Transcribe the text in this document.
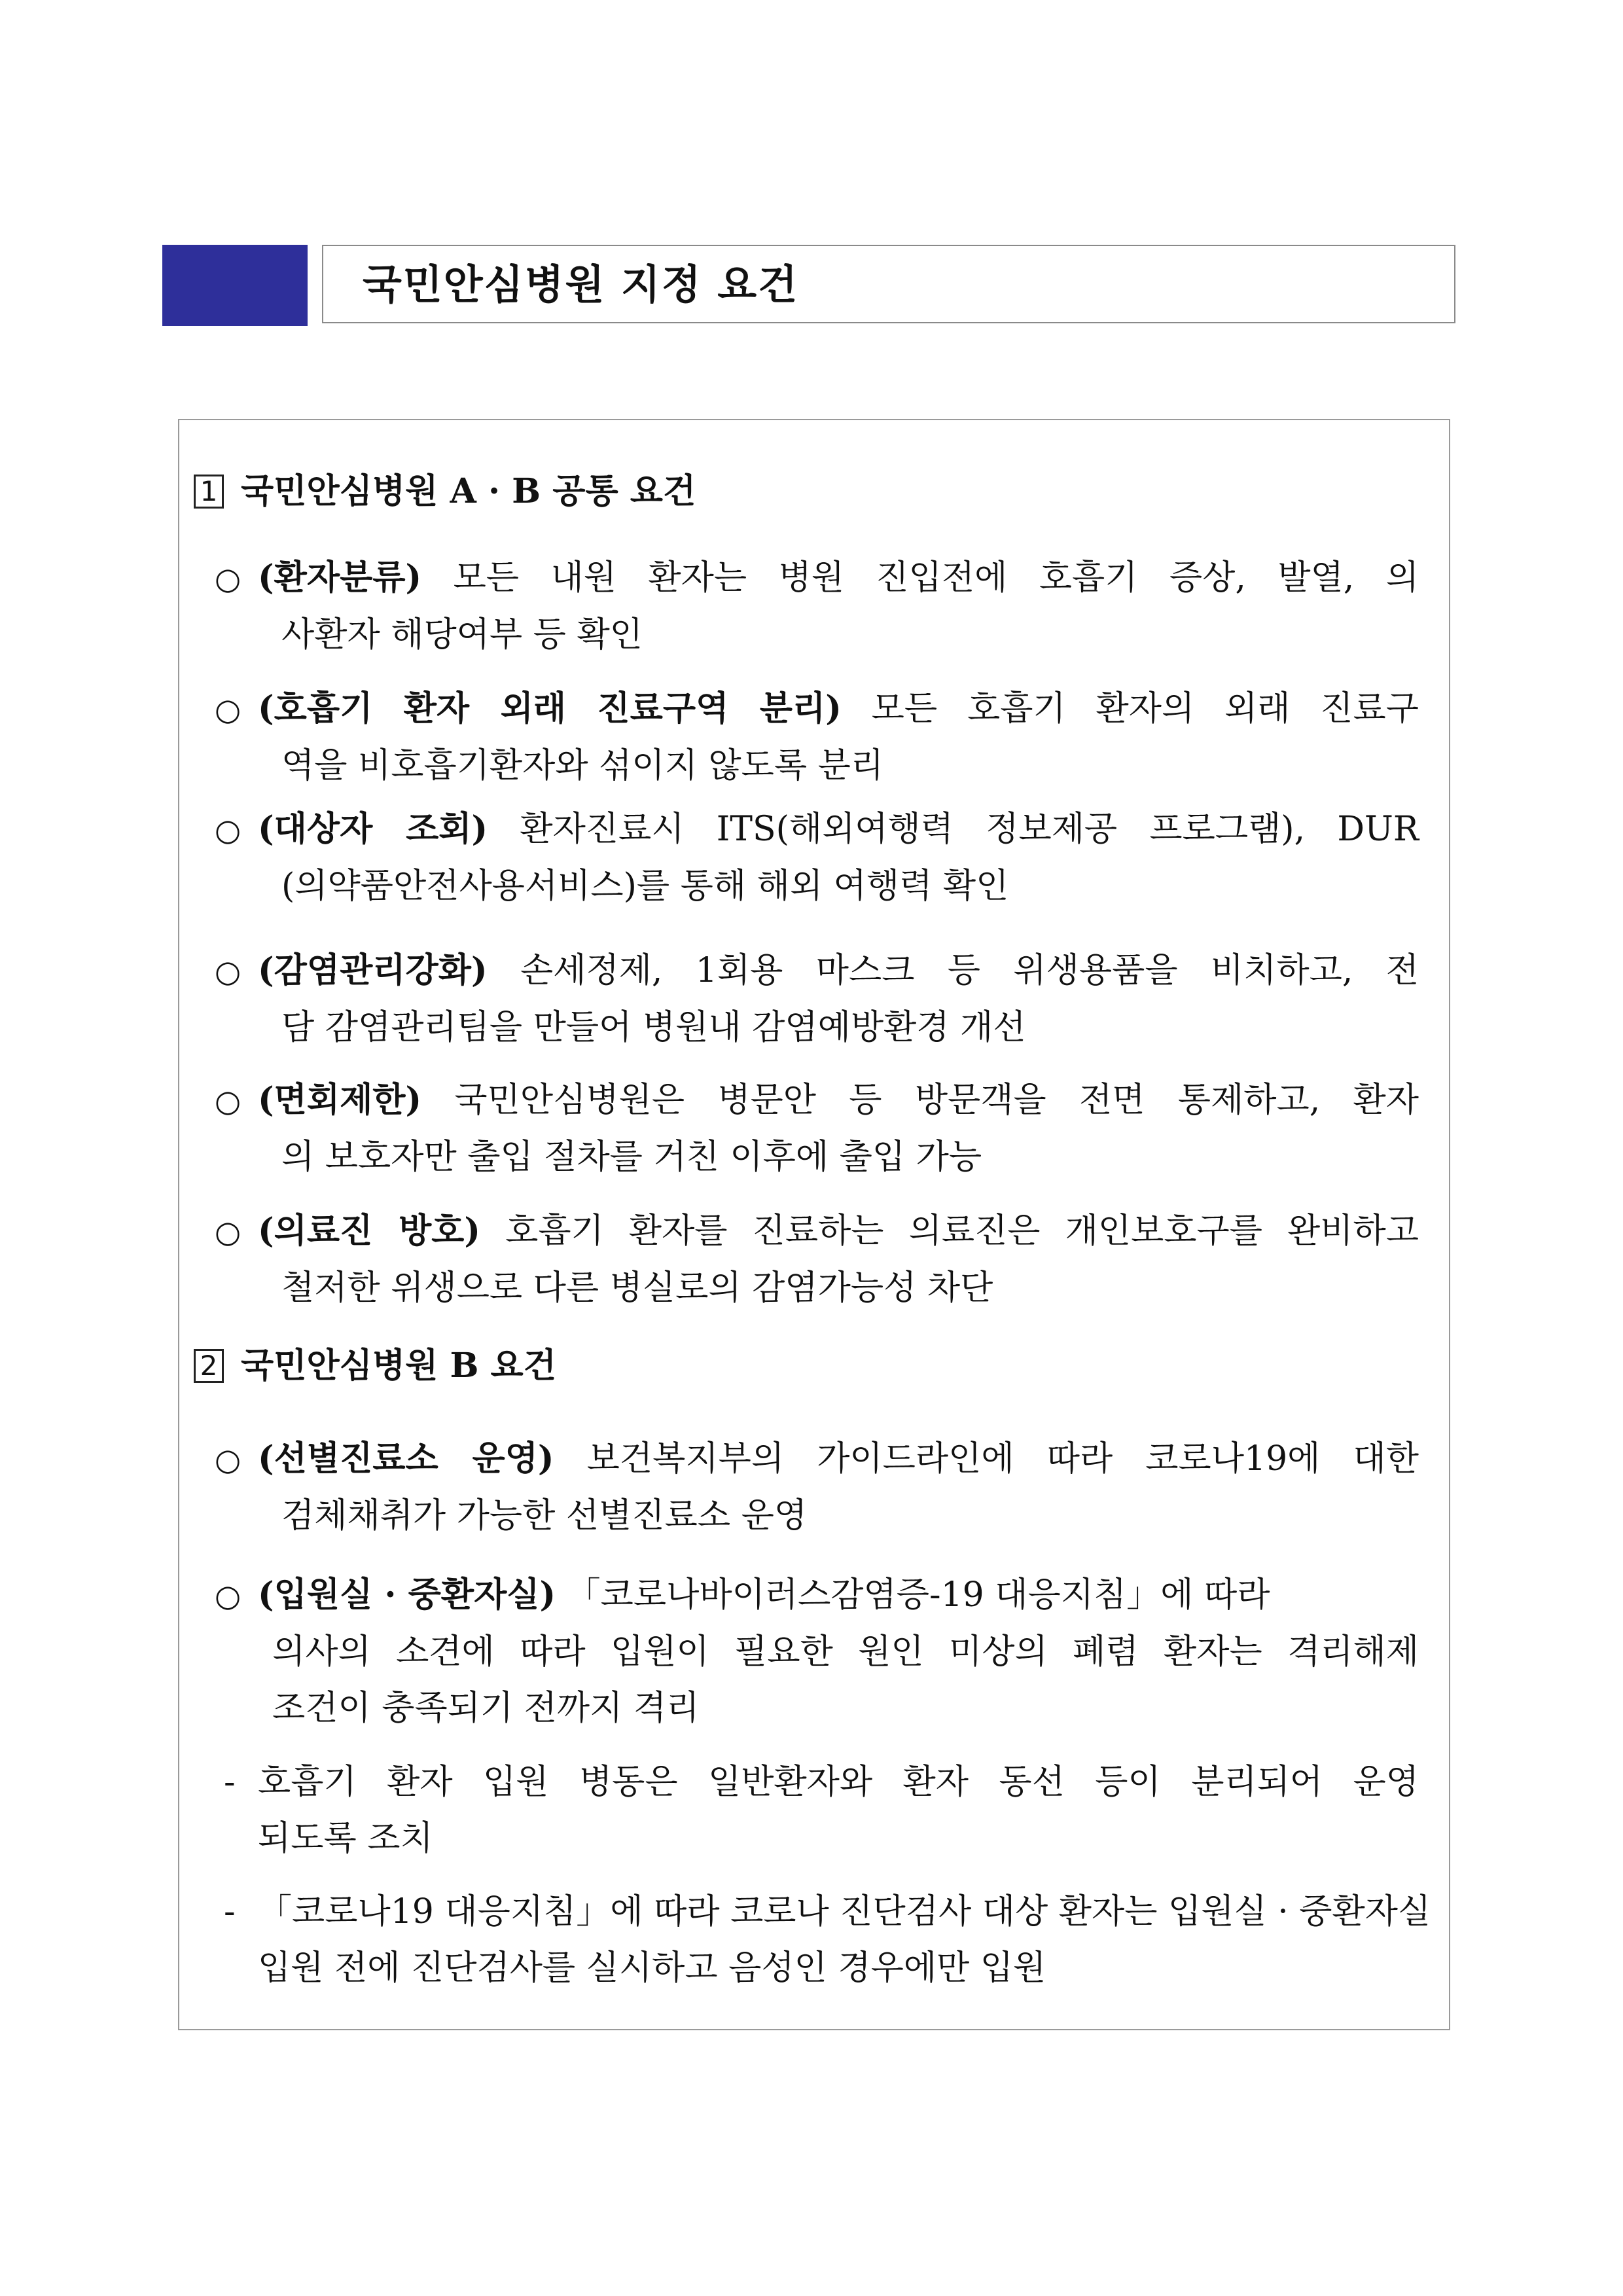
국민안심병원 지정 요건
1 국민안심병원 A · B 공통 요건
○ (환자분류) 모든 내원 환자는 병원 진입전에 호흡기 증상, 발열, 의
사환자 해당여부 등 확인
○ (호흡기 환자 외래 진료구역 분리) 모든 호흡기 환자의 외래 진료구
역을 비호흡기환자와 섞이지 않도록 분리
○ (대상자 조회) 환자진료시 ITS(해외여행력 정보제공 프로그램), DUR
(의약품안전사용서비스)를 통해 해외 여행력 확인
○ (감염관리강화) 손세정제, 1회용 마스크 등 위생용품을 비치하고, 전
담 감염관리팀을 만들어 병원내 감염예방환경 개선
○ (면회제한) 국민안심병원은 병문안 등 방문객을 전면 통제하고, 환자
의 보호자만 출입 절차를 거친 이후에 출입 가능
○ (의료진 방호) 호흡기 환자를 진료하는 의료진은 개인보호구를 완비하고
철저한 위생으로 다른 병실로의 감염가능성 차단
2 국민안심병원 B 요건
○ (선별진료소 운영) 보건복지부의 가이드라인에 따라 코로나19에 대한
검체채취가 가능한 선별진료소 운영
○ (입원실 · 중환자실) 「코로나바이러스감염증-19 대응지침」에 따라
의사의 소견에 따라 입원이 필요한 원인 미상의 폐렴 환자는 격리해제
조건이 충족되기 전까지 격리
- 호흡기 환자 입원 병동은 일반환자와 환자 동선 등이 분리되어 운영
되도록 조치
- 「코로나19 대응지침」에 따라 코로나 진단검사 대상 환자는 입원실 · 중환자실
입원 전에 진단검사를 실시하고 음성인 경우에만 입원
